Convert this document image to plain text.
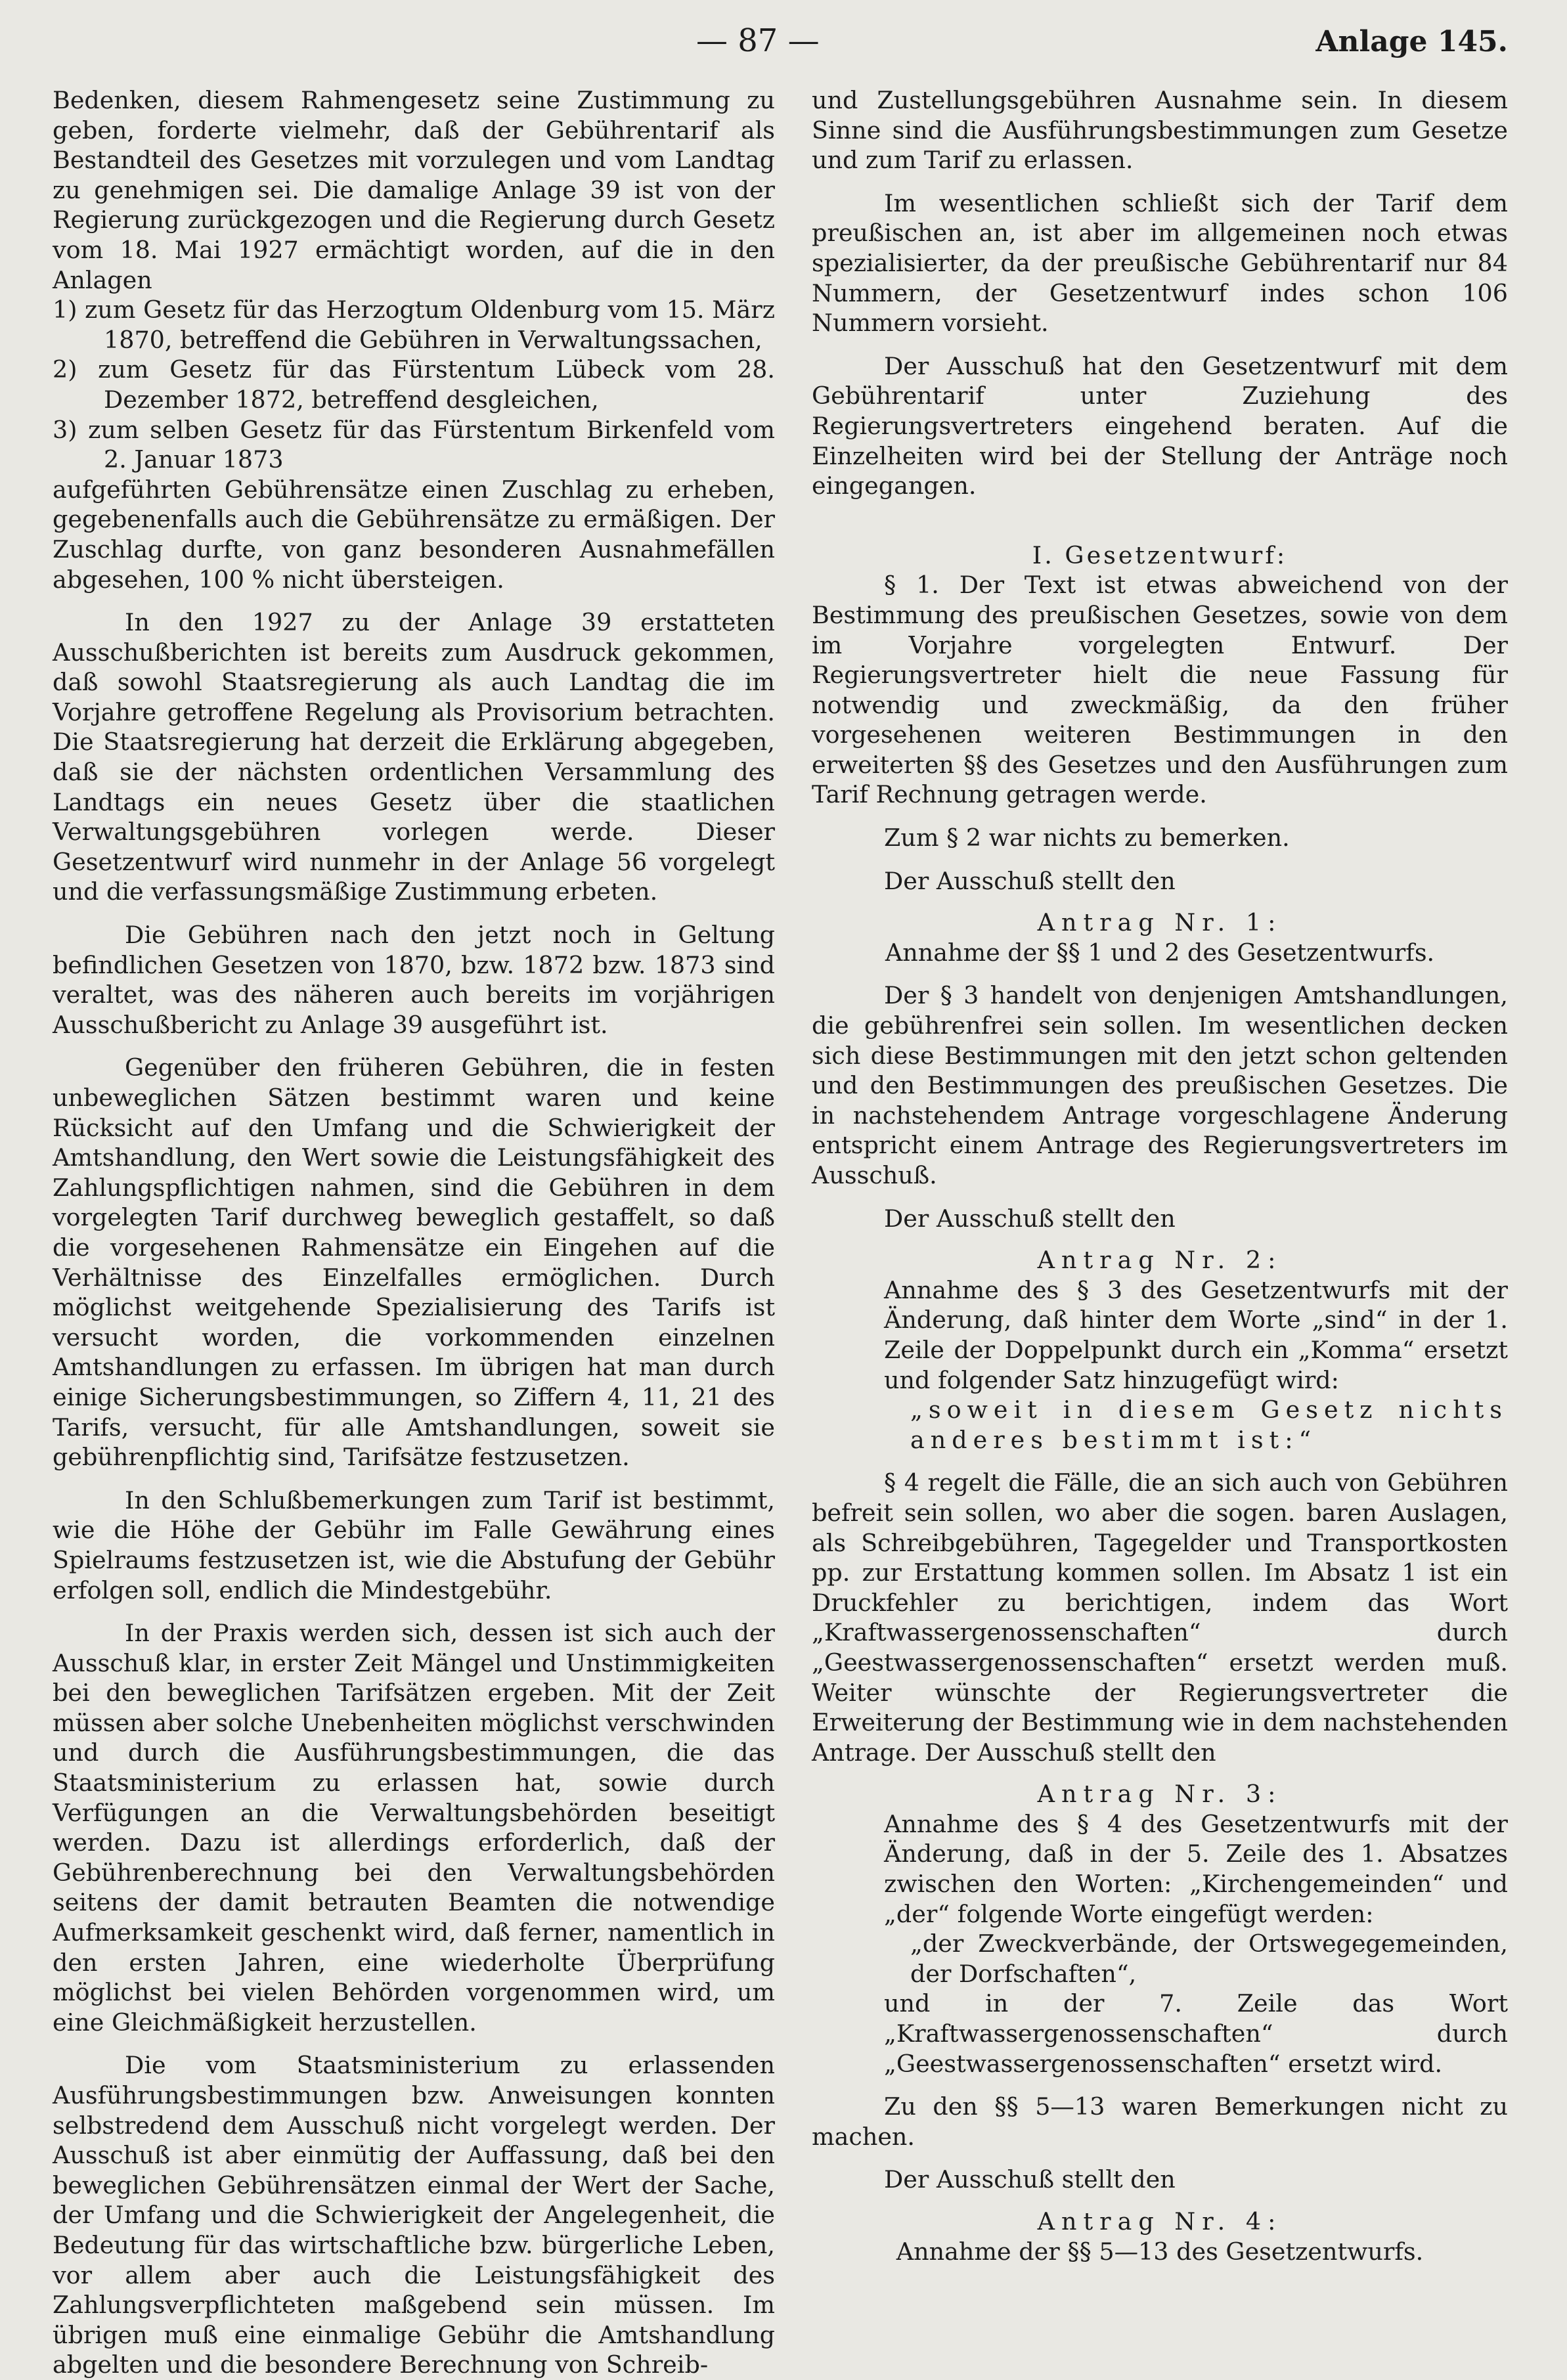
— 87 —	Anlage 145.

Bedenken, diesem Rahmengesetz seine Zustimmung zu geben, forderte vielmehr, daß der Gebührentarif als Bestandteil des Gesetzes mit vorzulegen und vom Landtag zu genehmigen sei. Die damalige Anlage 39 ist von der Regierung zurückgezogen und die Regierung durch Gesetz vom 18. Mai 1927 ermächtigt worden, auf die in den Anlagen

1) zum Gesetz für das Herzogtum Oldenburg vom 15. März 1870, betreffend die Gebühren in Verwaltungssachen,

2) zum Gesetz für das Fürstentum Lübeck vom 28. Dezember 1872, betreffend desgleichen,

3) zum selben Gesetz für das Fürstentum Birkenfeld vom 2. Januar 1873

aufgeführten Gebührensätze einen Zuschlag zu erheben, gegebenenfalls auch die Gebührensätze zu ermäßigen. Der Zuschlag durfte, von ganz besonderen Ausnahmefällen abgesehen, 100 % nicht übersteigen.

In den 1927 zu der Anlage 39 erstatteten Ausschußberichten ist bereits zum Ausdruck gekommen, daß sowohl Staatsregierung als auch Landtag die im Vorjahre getroffene Regelung als Provisorium betrachten. Die Staatsregierung hat derzeit die Erklärung abgegeben, daß sie der nächsten ordentlichen Versammlung des Landtags ein neues Gesetz über die staatlichen Verwaltungsgebühren vorlegen werde. Dieser Gesetzentwurf wird nunmehr in der Anlage 56 vorgelegt und die verfassungsmäßige Zustimmung erbeten.

Die Gebühren nach den jetzt noch in Geltung befindlichen Gesetzen von 1870, bzw. 1872 bzw. 1873 sind veraltet, was des näheren auch bereits im vorjährigen Ausschußbericht zu Anlage 39 ausgeführt ist.

Gegenüber den früheren Gebühren, die in festen unbeweglichen Sätzen bestimmt waren und keine Rücksicht auf den Umfang und die Schwierigkeit der Amtshandlung, den Wert sowie die Leistungsfähigkeit des Zahlungspflichtigen nahmen, sind die Gebühren in dem vorgelegten Tarif durchweg beweglich gestaffelt, so daß die vorgesehenen Rahmensätze ein Eingehen auf die Verhältnisse des Einzelfalles ermöglichen. Durch möglichst weitgehende Spezialisierung des Tarifs ist versucht worden, die vorkommenden einzelnen Amtshandlungen zu erfassen. Im übrigen hat man durch einige Sicherungsbestimmungen, so Ziffern 4, 11, 21 des Tarifs, versucht, für alle Amtshandlungen, soweit sie gebührenpflichtig sind, Tarifsätze festzusetzen.

In den Schlußbemerkungen zum Tarif ist bestimmt, wie die Höhe der Gebühr im Falle Gewährung eines Spielraums festzusetzen ist, wie die Abstufung der Gebühr erfolgen soll, endlich die Mindestgebühr.

In der Praxis werden sich, dessen ist sich auch der Ausschuß klar, in erster Zeit Mängel und Unstimmigkeiten bei den beweglichen Tarifsätzen ergeben. Mit der Zeit müssen aber solche Unebenheiten möglichst verschwinden und durch die Ausführungsbestimmungen, die das Staatsministerium zu erlassen hat, sowie durch Verfügungen an die Verwaltungsbehörden beseitigt werden. Dazu ist allerdings erforderlich, daß der Gebührenberechnung bei den Verwaltungsbehörden seitens der damit betrauten Beamten die notwendige Aufmerksamkeit geschenkt wird, daß ferner, namentlich in den ersten Jahren, eine wiederholte Überprüfung möglichst bei vielen Behörden vorgenommen wird, um eine Gleichmäßigkeit herzustellen.

Die vom Staatsministerium zu erlassenden Ausführungsbestimmungen bzw. Anweisungen konnten selbstredend dem Ausschuß nicht vorgelegt werden. Der Ausschuß ist aber einmütig der Auffassung, daß bei den beweglichen Gebührensätzen einmal der Wert der Sache, der Umfang und die Schwierigkeit der Angelegenheit, die Bedeutung für das wirtschaftliche bzw. bürgerliche Leben, vor allem aber auch die Leistungsfähigkeit des Zahlungsverpflichteten maßgebend sein müssen. Im übrigen muß eine einmalige Gebühr die Amtshandlung abgelten und die besondere Berechnung von Schreib-

und Zustellungsgebühren Ausnahme sein. In diesem Sinne sind die Ausführungsbestimmungen zum Gesetze und zum Tarif zu erlassen.

Im wesentlichen schließt sich der Tarif dem preußischen an, ist aber im allgemeinen noch etwas spezialisierter, da der preußische Gebührentarif nur 84 Nummern, der Gesetzentwurf indes schon 106 Nummern vorsieht.

Der Ausschuß hat den Gesetzentwurf mit dem Gebührentarif unter Zuziehung des Regierungsvertreters eingehend beraten. Auf die Einzelheiten wird bei der Stellung der Anträge noch eingegangen.

I. Gesetzentwurf:

§ 1. Der Text ist etwas abweichend von der Bestimmung des preußischen Gesetzes, sowie von dem im Vorjahre vorgelegten Entwurf. Der Regierungsvertreter hielt die neue Fassung für notwendig und zweckmäßig, da den früher vorgesehenen weiteren Bestimmungen in den erweiterten §§ des Gesetzes und den Ausführungen zum Tarif Rechnung getragen werde.

Zum § 2 war nichts zu bemerken.

Der Ausschuß stellt den

Antrag Nr. 1:

Annahme der §§ 1 und 2 des Gesetzentwurfs.

Der § 3 handelt von denjenigen Amtshandlungen, die gebührenfrei sein sollen. Im wesentlichen decken sich diese Bestimmungen mit den jetzt schon geltenden und den Bestimmungen des preußischen Gesetzes. Die in nachstehendem Antrage vorgeschlagene Änderung entspricht einem Antrage des Regierungsvertreters im Ausschuß.

Der Ausschuß stellt den

Antrag Nr. 2:

Annahme des § 3 des Gesetzentwurfs mit der Änderung, daß hinter dem Worte „sind“ in der 1. Zeile der Doppelpunkt durch ein „Komma“ ersetzt und folgender Satz hinzugefügt wird:

„soweit in diesem Gesetz nichts anderes bestimmt ist:“

§ 4 regelt die Fälle, die an sich auch von Gebühren befreit sein sollen, wo aber die sogen. baren Auslagen, als Schreibgebühren, Tagegelder und Transportkosten pp. zur Erstattung kommen sollen. Im Absatz 1 ist ein Druckfehler zu berichtigen, indem das Wort „Kraftwassergenossenschaften“ durch „Geestwassergenossenschaften“ ersetzt werden muß. Weiter wünschte der Regierungsvertreter die Erweiterung der Bestimmung wie in dem nachstehenden Antrage. Der Ausschuß stellt den

Antrag Nr. 3:

Annahme des § 4 des Gesetzentwurfs mit der Änderung, daß in der 5. Zeile des 1. Absatzes zwischen den Worten: „Kirchengemeinden“ und „der“ folgende Worte eingefügt werden:

„der Zweckverbände, der Ortswegegemeinden, der Dorfschaften“,

und in der 7. Zeile das Wort „Kraftwassergenossenschaften“ durch „Geestwassergenossenschaften“ ersetzt wird.

Zu den §§ 5—13 waren Bemerkungen nicht zu machen.

Der Ausschuß stellt den

Antrag Nr. 4:

Annahme der §§ 5—13 des Gesetzentwurfs.
